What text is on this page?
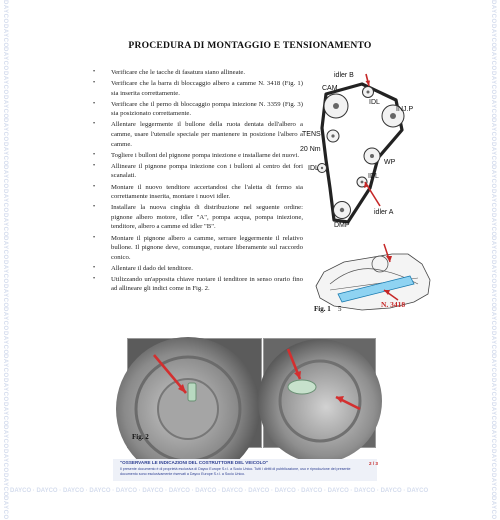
DAYCO
DAYCO
DAYCO
DAYCO
DAYCO
DAYCO
DAYCO
DAYCO
DAYCO
DAYCO
DAYCO
DAYCO
DAYCO
DAYCO
DAYCO
DAYCO
DAYCO
DAYCO
DAYCO
DAYCO
DAYCO
DAYCO
DAYCO
DAYCO
DAYCO
DAYCO
DAYCO
DAYCO
DAYCO
DAYCO
DAYCO
DAYCO
DAYCO
DAYCO
DAYCO
DAYCO
DAYCO
DAYCO
DAYCO
DAYCO
DAYCO
DAYCO
DAYCO
DAYCO
PROCEDURA DI MONTAGGIO E TENSIONAMENTO
• Verificare che le tacche di fasatura siano allineate.
• Verificare che la barra di bloccaggio albero a camme N. 3418 (Fig. 1) sia inserita correttamente.
• Verificare che il perno di bloccaggio pompa iniezione N. 3359 (Fig. 3) sia posizionato correttamente.
• Allentare leggermente il bullone della ruota dentata dell'albero a camme, usare l'utensile speciale per mantenere in posizione l'albero a camme.
• Togliere i bulloni del pignone pompa iniezione e installarne dei nuovi.
• Allineare il pignone pompa iniezione con i bulloni al centro dei fori scanalati.
• Montare il nuovo tenditore accertandosi che l'aletta di fermo sia correttamente inserita, montare i nuovi idler.
• Installare la nuova cinghia di distribuzione nel seguente ordine: pignone albero motore, idler "A", pompa acqua, pompa iniezione, tenditore, albero a camme ed idler "B".
• Montare il pignone albero a camme, serrare leggermente il relativo bullone. Il pignone deve, comunque, ruotare liberamente sul raccordo conico.
• Allentare il dado del tenditore.
• Utilizzando un'apposita chiave ruotare il tenditore in senso orario fino ad allineare gli indici come in Fig. 2.
idler B
CAM
IDL
INJ.P
TENS
20 Nm
IDL
WP
IDL
idler A
DMP
Fig. 1 5	N. 3418
Fig. 2
"OSSERVARE LE INDICAZIONI DEL COSTRUTTORE DEL VEICOLO"
Il presente documento è di proprietà esclusiva di Dayco Europe S.r.l. a Socio Unico. Tutti i diritti di pubblicazione, uso e riproduzione del presente documento sono esclusivamente riservati a Dayco Europe S.r.l. a Socio Unico.
2 / 3
DAYCO · DAYCO · DAYCO · DAYCO · DAYCO · DAYCO · DAYCO · DAYCO · DAYCO · DAYCO · DAYCO · DAYCO · DAYCO · DAYCO · DAYCO · DAYCO
